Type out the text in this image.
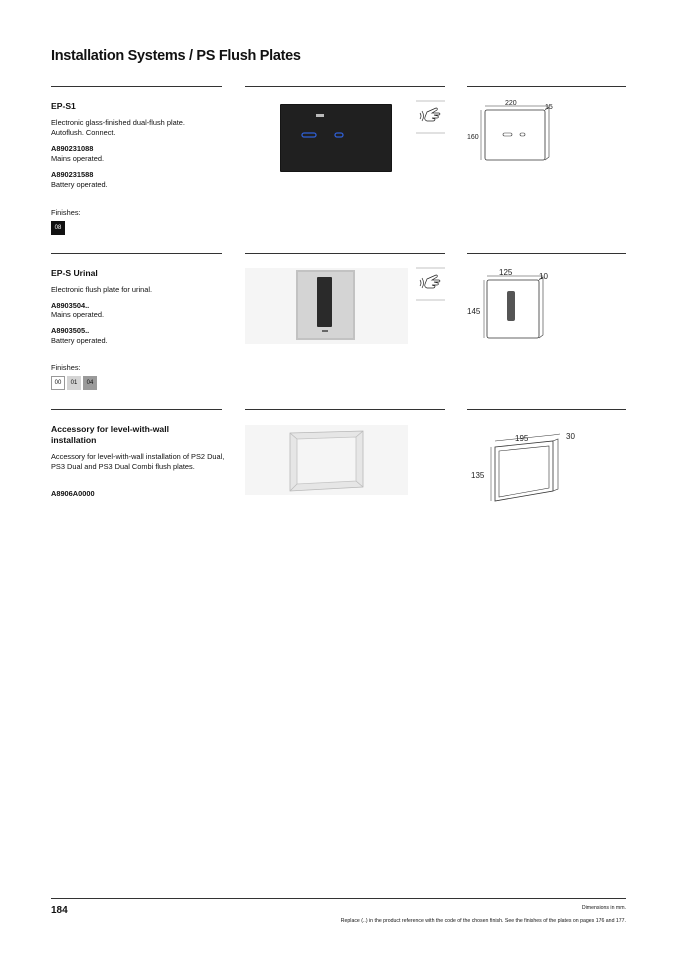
Installation Systems / PS Flush Plates
EP-S1
Electronic glass-finished dual-flush plate. Autoflush. Connect.
A890231088
Mains operated.
A890231588
Battery operated.
Finishes:
08
220
15
160
EP-S Urinal
Electronic flush plate for urinal.
A8903504..
Mains operated.
A8903505..
Battery operated.
Finishes:
00	01	04
125	10
145
Accessory for level-with-wall installation
Accessory for level-with-wall installation of PS2 Dual, PS3 Dual and PS3 Dual Combi flush plates.
A8906A0000
195	30
135
184	Dimensions in mm.
Replace (..) in the product reference with the code of the chosen finish. See the finishes of the plates on pages 176 and 177.
